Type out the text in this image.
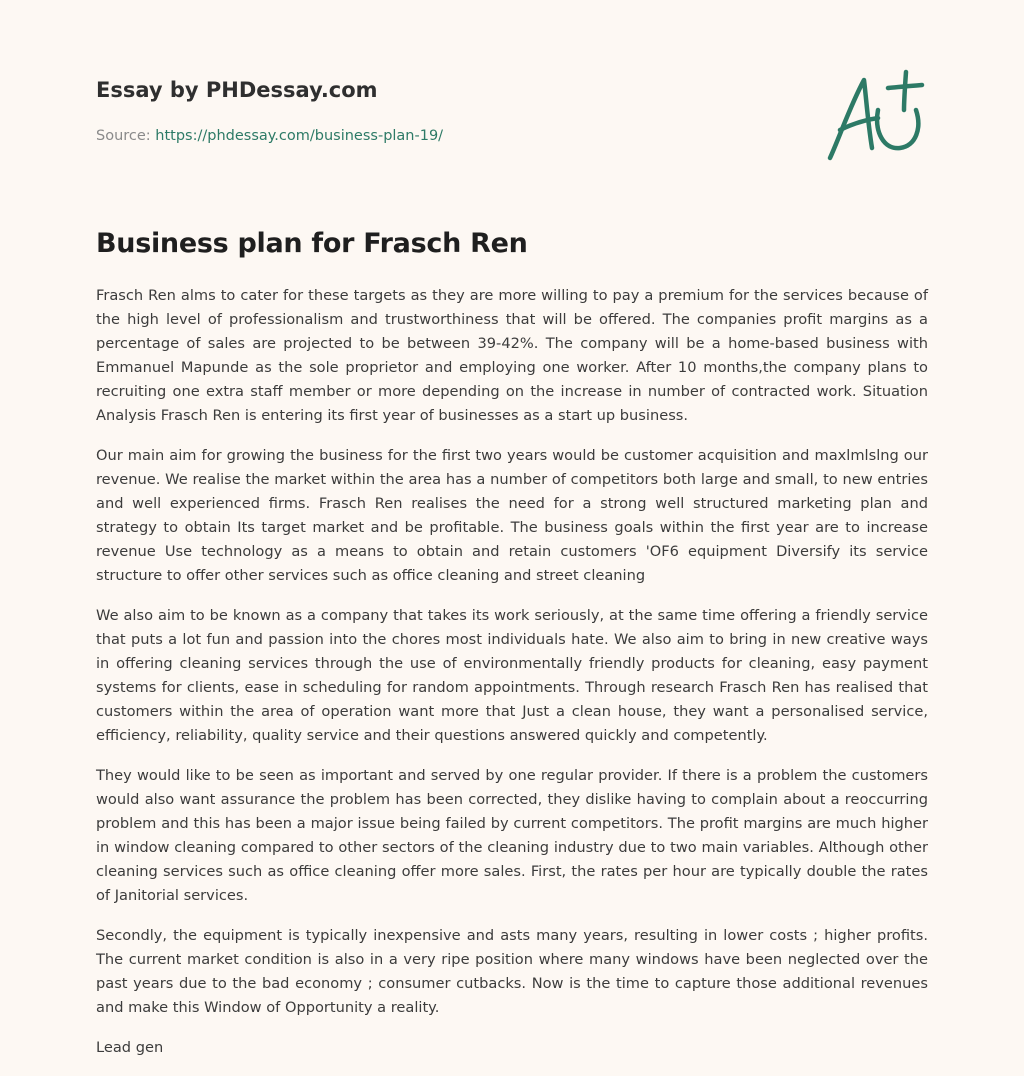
Essay by PHDessay.com
Source: https://phdessay.com/business-plan-19/
Business plan for Frasch Ren

Frasch Ren alms to cater for these targets as they are more willing to pay a premium for the services because of the high level of professionalism and trustworthiness that will be offered. The companies profit margins as a percentage of sales are projected to be between 39-42%. The company will be a home-based business with Emmanuel Mapunde as the sole proprietor and employing one worker. After 10 months,the company plans to recruiting one extra staff member or more depending on the increase in number of contracted work. Situation Analysis Frasch Ren is entering its first year of businesses as a start up business.

Our main aim for growing the business for the first two years would be customer acquisition and maxlmlslng our revenue. We realise the market within the area has a number of competitors both large and small, to new entries and well experienced firms. Frasch Ren realises the need for a strong well structured marketing plan and strategy to obtain Its target market and be profitable. The business goals within the first year are to increase revenue Use technology as a means to obtain and retain customers 'OF6 equipment Diversify its service structure to offer other services such as office cleaning and street cleaning

We also aim to be known as a company that takes its work seriously, at the same time offering a friendly service that puts a lot fun and passion into the chores most individuals hate. We also aim to bring in new creative ways in offering cleaning services through the use of environmentally friendly products for cleaning, easy payment systems for clients, ease in scheduling for random appointments. Through research Frasch Ren has realised that customers within the area of operation want more that Just a clean house, they want a personalised service, efficiency, reliability, quality service and their questions answered quickly and competently.

They would like to be seen as important and served by one regular provider. If there is a problem the customers would also want assurance the problem has been corrected, they dislike having to complain about a reoccurring problem and this has been a major issue being failed by current competitors. The profit margins are much higher in window cleaning compared to other sectors of the cleaning industry due to two main variables. Although other cleaning services such as office cleaning offer more sales. First, the rates per hour are typically double the rates of Janitorial services.

Secondly, the equipment is typically inexpensive and asts many years, resulting in lower costs ; higher profits. The current market condition is also in a very ripe position where many windows have been neglected over the past years due to the bad economy ; consumer cutbacks. Now is the time to capture those additional revenues and make this Window of Opportunity a reality.

Lead gen
